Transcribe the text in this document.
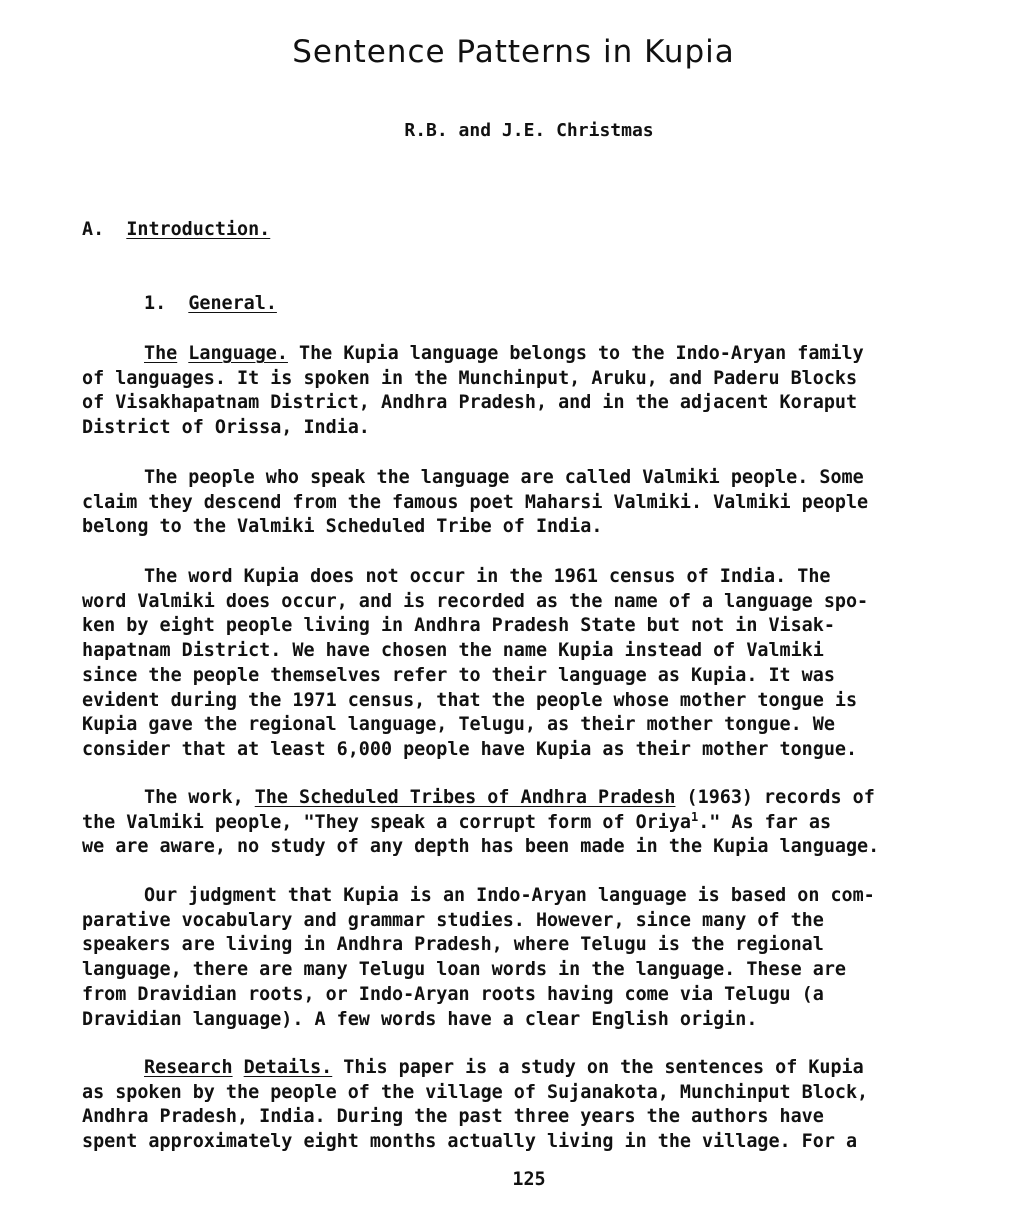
Sentence Patterns in Kupia
R.B. and J.E. Christmas
A. Introduction.
1. General.
The Language. The Kupia language belongs to the Indo-Aryan family
of languages. It is spoken in the Munchinput, Aruku, and Paderu Blocks
of Visakhapatnam District, Andhra Pradesh, and in the adjacent Koraput
District of Orissa, India.
The people who speak the language are called Valmiki people. Some
claim they descend from the famous poet Maharsi Valmiki. Valmiki people
belong to the Valmiki Scheduled Tribe of India.
The word Kupia does not occur in the 1961 census of India. The
word Valmiki does occur, and is recorded as the name of a language spo-
ken by eight people living in Andhra Pradesh State but not in Visak-
hapatnam District. We have chosen the name Kupia instead of Valmiki
since the people themselves refer to their language as Kupia. It was
evident during the 1971 census, that the people whose mother tongue is
Kupia gave the regional language, Telugu, as their mother tongue. We
consider that at least 6,000 people have Kupia as their mother tongue.
The work, The Scheduled Tribes of Andhra Pradesh (1963) records of
the Valmiki people, "They speak a corrupt form of Oriya$^1$." As far as
we are aware, no study of any depth has been made in the Kupia language.
Our judgment that Kupia is an Indo-Aryan language is based on com-
parative vocabulary and grammar studies. However, since many of the
speakers are living in Andhra Pradesh, where Telugu is the regional
language, there are many Telugu loan words in the language. These are
from Dravidian roots, or Indo-Aryan roots having come via Telugu (a
Dravidian language). A few words have a clear English origin.
Research Details. This paper is a study on the sentences of Kupia
as spoken by the people of the village of Sujanakota, Munchinput Block,
Andhra Pradesh, India. During the past three years the authors have
spent approximately eight months actually living in the village. For a
125
